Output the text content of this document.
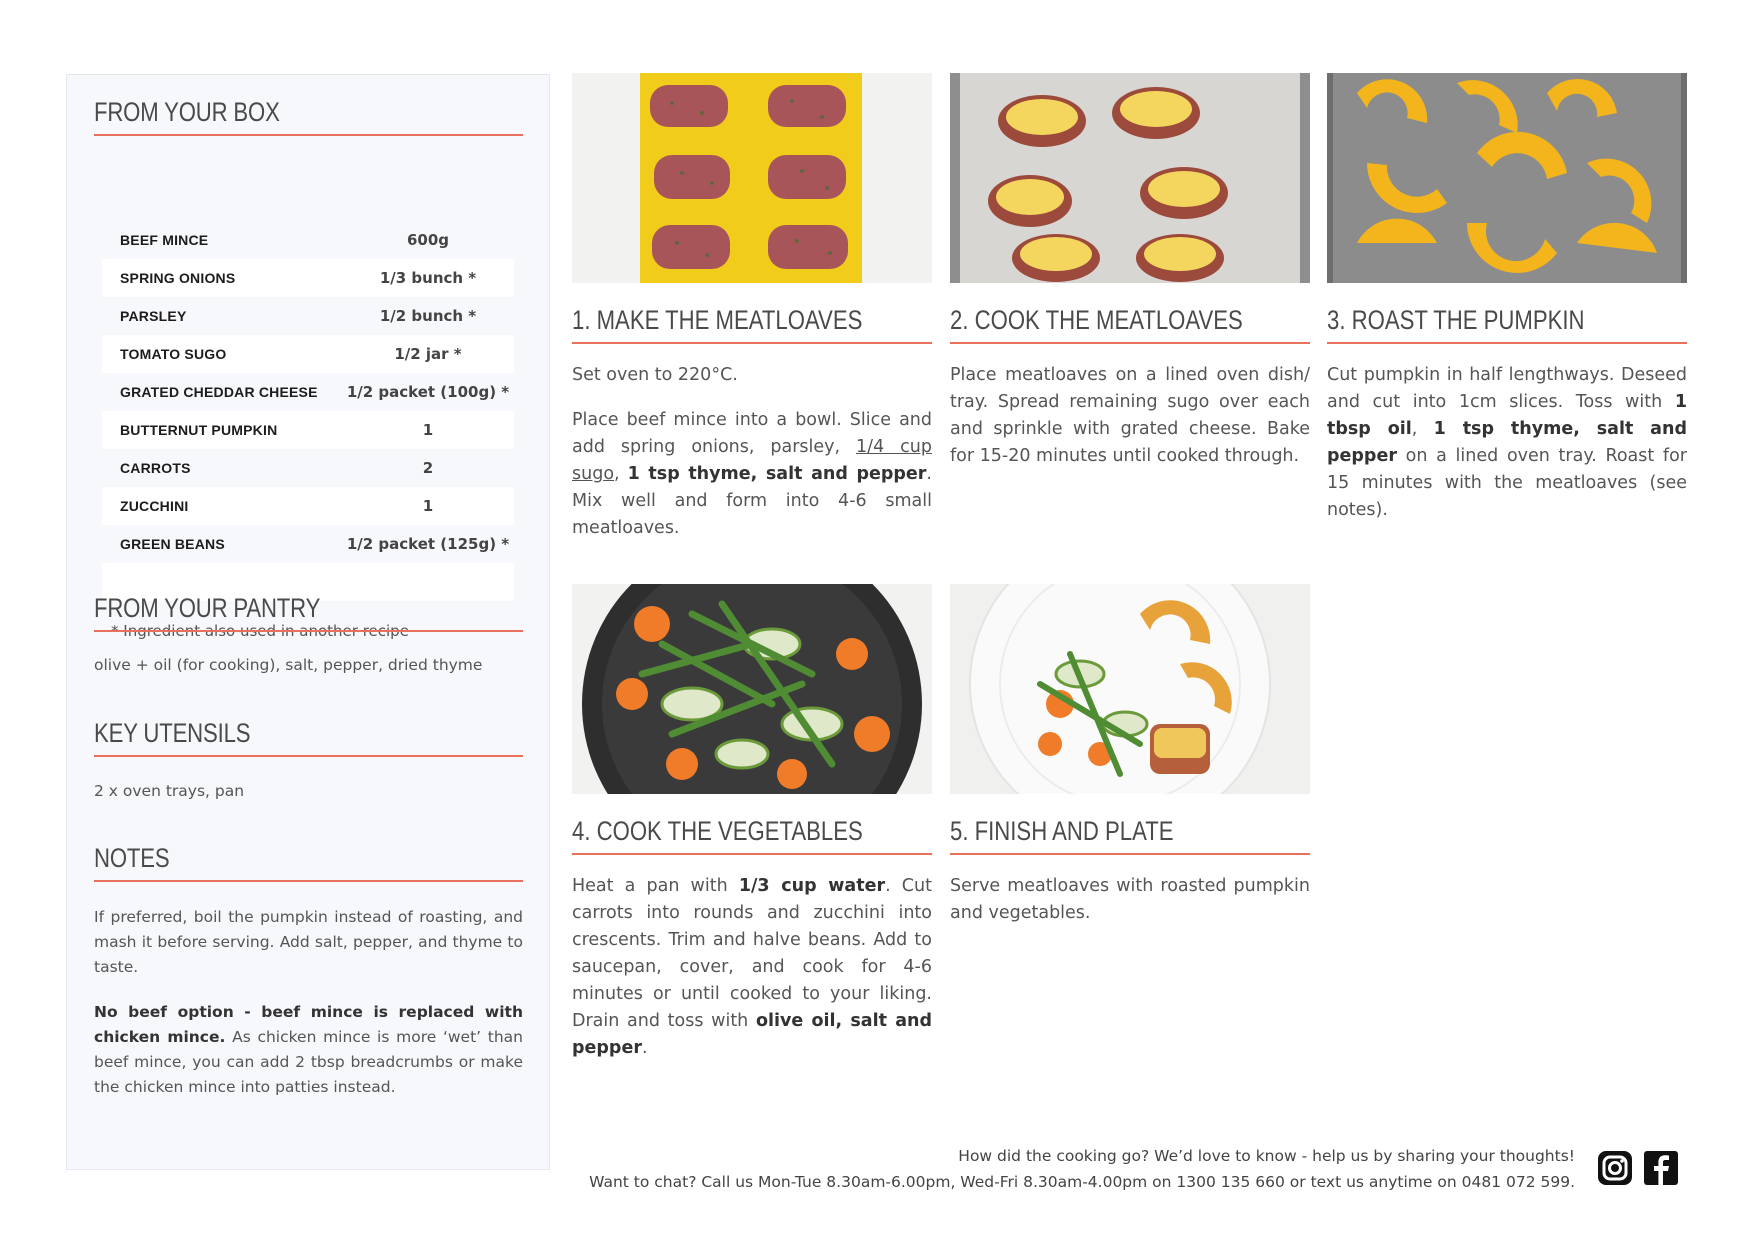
FROM YOUR BOX
BEEF MINCE	600g
SPRING ONIONS	1/3 bunch *
PARSLEY	1/2 bunch *
TOMATO SUGO	1/2 jar *
GRATED CHEDDAR CHEESE	1/2 packet (100g) *
BUTTERNUT PUMPKIN	1
CARROTS	2
ZUCCHINI	1
GREEN BEANS	1/2 packet (125g) *
* Ingredient also used in another recipe
FROM YOUR PANTRY
olive + oil (for cooking), salt, pepper, dried thyme
KEY UTENSILS
2 x oven trays, pan
NOTES
If preferred, boil the pumpkin instead of roasting, and mash it before serving. Add salt, pepper, and thyme to taste.
No beef option - beef mince is replaced with chicken mince. As chicken mince is more ‘wet’ than beef mince, you can add 2 tbsp breadcrumbs or make the chicken mince into patties instead.
1. MAKE THE MEATLOAVES

Set oven to 220°C.

Place beef mince into a bowl. Slice and add spring onions, parsley, 1/4 cup sugo, 1 tsp thyme, salt and pepper. Mix well and form into 4-6 small meatloaves.

2. COOK THE MEATLOAVES

Place meatloaves on a lined oven dish/ tray. Spread remaining sugo over each and sprinkle with grated cheese. Bake for 15-20 minutes until cooked through.

3. ROAST THE PUMPKIN

Cut pumpkin in half lengthways. Deseed and cut into 1cm slices. Toss with 1 tbsp oil, 1 tsp thyme, salt and pepper on a lined oven tray. Roast for 15 minutes with the meatloaves (see notes).

4. COOK THE VEGETABLES

Heat a pan with 1/3 cup water. Cut carrots into rounds and zucchini into crescents. Trim and halve beans. Add to saucepan, cover, and cook for 4-6 minutes or until cooked to your liking. Drain and toss with olive oil, salt and pepper.

5. FINISH AND PLATE

Serve meatloaves with roasted pumpkin and vegetables.

How did the cooking go? We’d love to know - help us by sharing your thoughts!
Want to chat? Call us Mon-Tue 8.30am-6.00pm, Wed-Fri 8.30am-4.00pm on 1300 135 660 or text us anytime on 0481 072 599.
